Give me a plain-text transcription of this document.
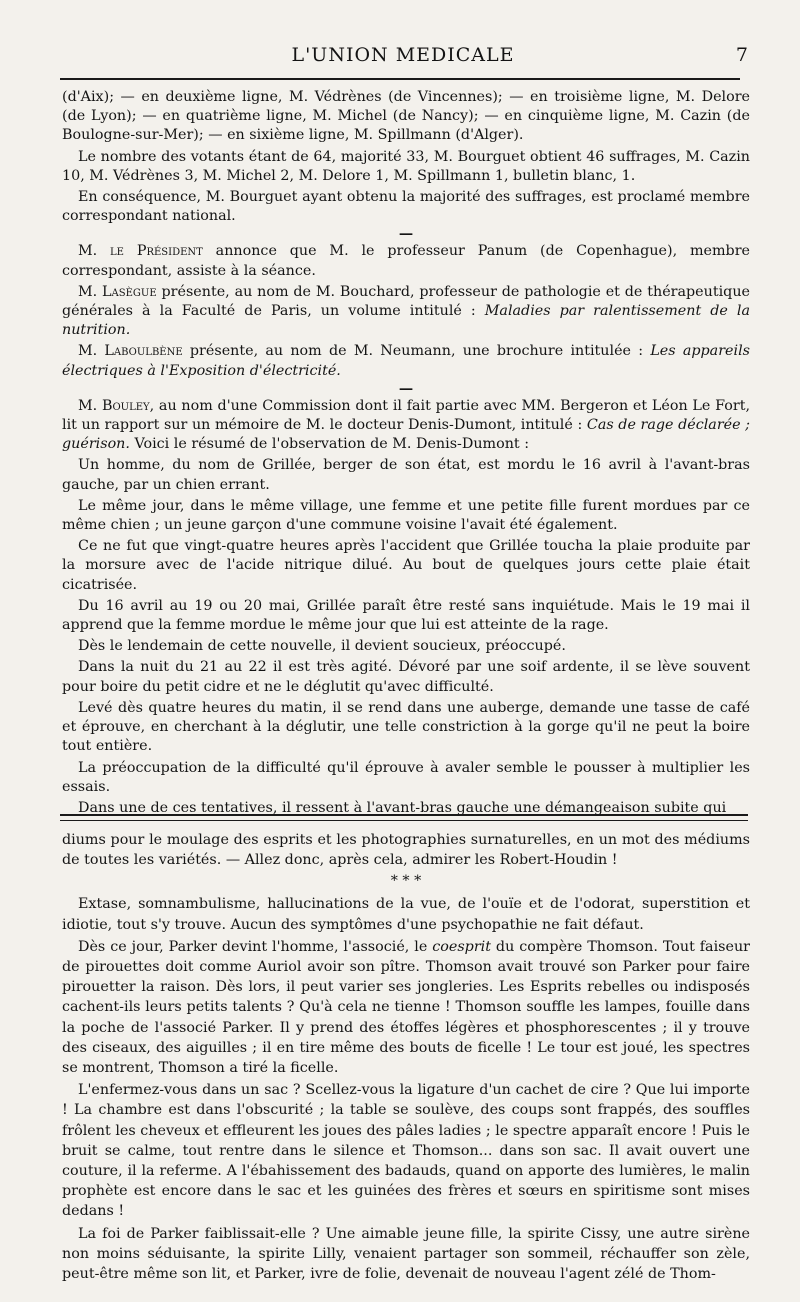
L'UNION MEDICALE	7

(d'Aix); — en deuxième ligne, M. Védrènes (de Vincennes); — en troisième ligne, M. Delore (de Lyon); — en quatrième ligne, M. Michel (de Nancy); — en cinquième ligne, M. Cazin (de Boulogne-sur-Mer); — en sixième ligne, M. Spillmann (d'Alger).

Le nombre des votants étant de 64, majorité 33, M. Bourguet obtient 46 suffrages, M. Cazin 10, M. Védrènes 3, M. Michel 2, M. Delore 1, M. Spillmann 1, bulletin blanc, 1.

En conséquence, M. Bourguet ayant obtenu la majorité des suffrages, est proclamé membre correspondant national.

—

M. le Président annonce que M. le professeur Panum (de Copenhague), membre correspondant, assiste à la séance.

M. Lasègue présente, au nom de M. Bouchard, professeur de pathologie et de thérapeutique générales à la Faculté de Paris, un volume intitulé : Maladies par ralentissement de la nutrition.

M. Laboulbène présente, au nom de M. Neumann, une brochure intitulée : Les appareils électriques à l'Exposition d'électricité.

—

M. Bouley, au nom d'une Commission dont il fait partie avec MM. Bergeron et Léon Le Fort, lit un rapport sur un mémoire de M. le docteur Denis-Dumont, intitulé : Cas de rage déclarée ; guérison. Voici le résumé de l'observation de M. Denis-Dumont :

Un homme, du nom de Grillée, berger de son état, est mordu le 16 avril à l'avant-bras gauche, par un chien errant.

Le même jour, dans le même village, une femme et une petite fille furent mordues par ce même chien ; un jeune garçon d'une commune voisine l'avait été également.

Ce ne fut que vingt-quatre heures après l'accident que Grillée toucha la plaie produite par la morsure avec de l'acide nitrique dilué. Au bout de quelques jours cette plaie était cicatrisée.

Du 16 avril au 19 ou 20 mai, Grillée paraît être resté sans inquiétude. Mais le 19 mai il apprend que la femme mordue le même jour que lui est atteinte de la rage.

Dès le lendemain de cette nouvelle, il devient soucieux, préoccupé.

Dans la nuit du 21 au 22 il est très agité. Dévoré par une soif ardente, il se lève souvent pour boire du petit cidre et ne le déglutit qu'avec difficulté.

Levé dès quatre heures du matin, il se rend dans une auberge, demande une tasse de café et éprouve, en cherchant à la déglutir, une telle constriction à la gorge qu'il ne peut la boire tout entière.

La préoccupation de la difficulté qu'il éprouve à avaler semble le pousser à multiplier les essais.

Dans une de ces tentatives, il ressent à l'avant-bras gauche une démangeaison subite qui

diums pour le moulage des esprits et les photographies surnaturelles, en un mot des médiums de toutes les variétés. — Allez donc, après cela, admirer les Robert-Houdin !

* * *

Extase, somnambulisme, hallucinations de la vue, de l'ouïe et de l'odorat, superstition et idiotie, tout s'y trouve. Aucun des symptômes d'une psychopathie ne fait défaut.

Dès ce jour, Parker devint l'homme, l'associé, le coesprit du compère Thomson. Tout faiseur de pirouettes doit comme Auriol avoir son pître. Thomson avait trouvé son Parker pour faire pirouetter la raison. Dès lors, il peut varier ses jongleries. Les Esprits rebelles ou indisposés cachent-ils leurs petits talents ? Qu'à cela ne tienne ! Thomson souffle les lampes, fouille dans la poche de l'associé Parker. Il y prend des étoffes légères et phosphorescentes ; il y trouve des ciseaux, des aiguilles ; il en tire même des bouts de ficelle ! Le tour est joué, les spectres se montrent, Thomson a tiré la ficelle.

L'enfermez-vous dans un sac ? Scellez-vous la ligature d'un cachet de cire ? Que lui importe ! La chambre est dans l'obscurité ; la table se soulève, des coups sont frappés, des souffles frôlent les cheveux et effleurent les joues des pâles ladies ; le spectre apparaît encore ! Puis le bruit se calme, tout rentre dans le silence et Thomson... dans son sac. Il avait ouvert une couture, il la referme. A l'ébahissement des badauds, quand on apporte des lumières, le malin prophète est encore dans le sac et les guinées des frères et sœurs en spiritisme sont mises dedans !

La foi de Parker faiblissait-elle ? Une aimable jeune fille, la spirite Cissy, une autre sirène non moins séduisante, la spirite Lilly, venaient partager son sommeil, réchauffer son zèle, peut-être même son lit, et Parker, ivre de folie, devenait de nouveau l'agent zélé de Thom-
